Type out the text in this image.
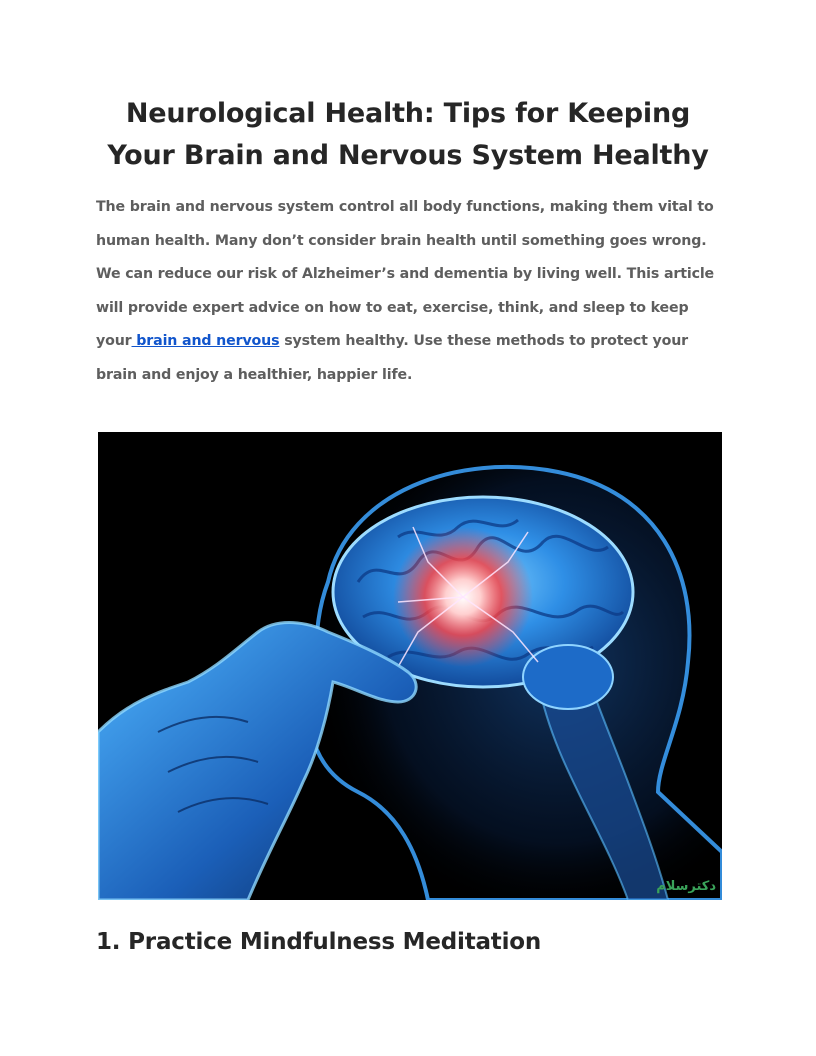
Neurological Health: Tips for Keeping Your Brain and Nervous System Healthy

The brain and nervous system control all body functions, making them vital to human health. Many don’t consider brain health until something goes wrong. We can reduce our risk of Alzheimer’s and dementia by living well. This article will provide expert advice on how to eat, exercise, think, and sleep to keep your brain and nervous system healthy. Use these methods to protect your brain and enjoy a healthier, happier life.

دکترسلام
1. Practice Mindfulness Meditation
